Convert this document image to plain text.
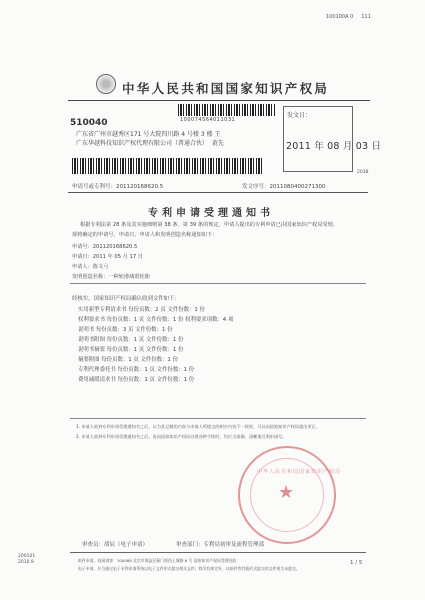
100100A 0     111
中华人民共和国国家知识产权局
100074564011031
510040
广东省广州市越秀区171 号大院四川路 4 号楼 3 楼 王
广东华越科技知识产权代理有限公司（普通合伙）  黄先
发文日：
2011 年 08 月 03 日
2038
申请号或专利号：201120168620.5	发文序号：2011080400271300
专利申请受理通知书
根据专利法第 28 条及其实施细则第 38 条、第 39 条的规定，申请人提出的专利申请已由国家知识产权局受理，
现将确定的申请号、申请日、申请人和发明创造名称通知如下：
申请号：201120168620.5
申请日：2011 年 05 月 17 日
申请人：陈文弓
发明创造名称：一种轮滑减震轮胎
经核实，国家知识产权局确认收到文件如下：
实用新型专利请求书 每份页数：2 页 文件份数：1 份
权利要求书 每份页数：1 页 文件份数：1 份 权利要求项数：4 项
说明书 每份页数：3 页 文件份数：1 份
说明书附图 每份页数：1 页 文件份数：1 份
说明书摘要 每份页数：1 页 文件份数：1 份
摘要附图 每份页数：1 页 文件份数：1 份
专利代理委托书 每份页数：1 页 文件份数：1 份
费用减缓请求书 每份页数：1 页 文件份数：1 份
1. 申请人收到专利申请受理通知书之后，认为其记载的内容与申请人所提交的相应内容不一致时，可以向国家知识产权局提出更正。
2. 申请人收到专利申请受理通知书之后，再向国家知识产权局办理各种手续时，均应当准确、清晰地写明申请号。
中华人民共和国国家知识产权局
★
审查员：胡辰（电子申请）                审查部门：专利局初审及流程管理部
200101
2010.9	纸件申请，回函请寄：100088 北京市海淀区蓟门桥西土城路 6 号 国家知识产权局受理处收
电子申请，应当通过电子专利申请系统以电子文件形式提交相关文件。除另有规定外，以纸件等其他形式提交的文件视为未提交。
1 / 5
